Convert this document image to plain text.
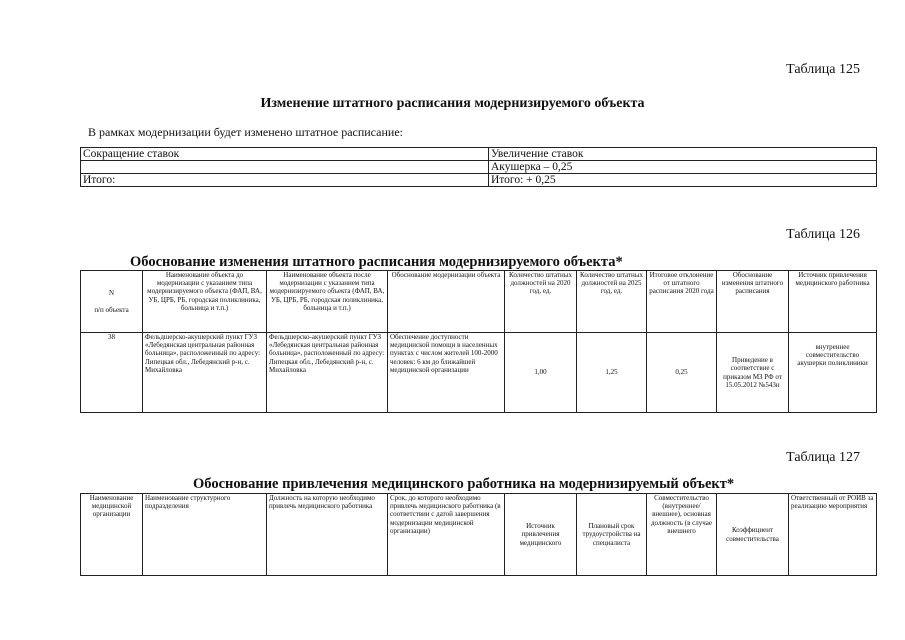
Таблица 125
Изменение штатного расписания модернизируемого объекта
В рамках модернизации будет изменено штатное расписание:
Сокращение ставок	Увеличение ставок
	Акушерка – 0,25
Итого:	Итого: + 0,25
Таблица 126
Обоснование изменения штатного расписания модернизируемого объекта*
N

п/п объекта	Наименование объекта до модернизации с указанием типа модернизируемого объекта (ФАП, ВА, УБ, ЦРБ, РБ, городская поликлиника, больница и т.п.)	Наименование объекта после модернизации с указанием типа модернизируемого объекта (ФАП, ВА, УБ, ЦРБ, РБ, городская поликлиника, больница и т.п.)	Обоснование модернизации объекта	Количество штатных должностей на 2020 год, ед.	Количество штатных должностей на 2025 год, ед.	Итоговое отклонение от штатного расписания 2020 года	Обоснование изменения штатного расписания	Источник привлечения медицинского работника
38	Фельдшерско-акушерский пункт ГУЗ «Лебедянская центральная районная больница», расположенный по адресу:
Липецкая обл., Лебедянский р-н, с. Михайловка	Фельдшерско-акушерский пункт ГУЗ «Лебедянская центральная районная больница», расположенный по адресу:
Липецкая обл., Лебедянский р-н, с. Михайловка	Обеспечение доступности медицинской помощи в населенных пунктах с числом жителей 100-2000 человек: 6 км до ближайшей медицинской организации	1,00	1,25	0,25	Приведение в соответствие с приказом МЗ РФ от 15.05.2012 №543н	внутреннее совместительство акушерки поликлиники
Таблица 127
Обоснование привлечения медицинского работника на модернизируемый объект*
Наименование медицинской организации	Наименование структурного подразделения	Должность на которую необходимо привлечь медицинского работника	Срок, до которого необходимо привлечь медицинского работника (в соответствии с датой завершения модернизации медицинской организации)	Источник привлечения медицинского	Плановый срок трудоустройства на специалиста	Совместительство (внутреннее/внешнее), основная должность (в случае внешнего	Коэффициент совместительства	Ответственный от РОИВ за реализацию мероприятия
